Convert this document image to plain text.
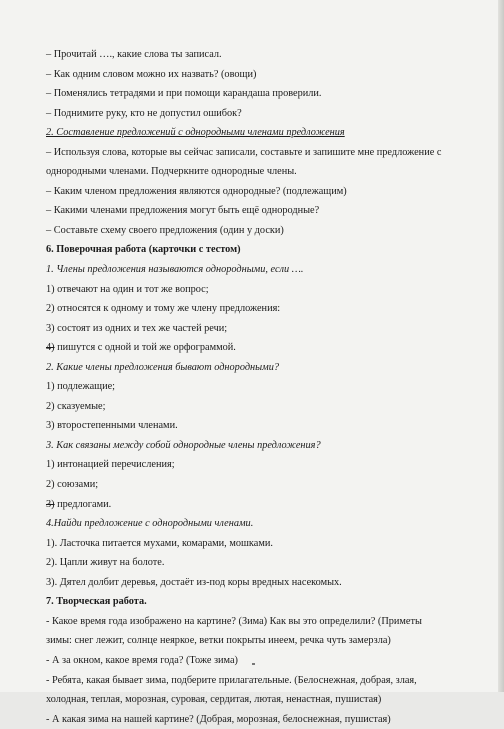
– Прочитай …., какие слова ты записал.
– Как одним словом можно их назвать? (овощи)
– Поменялись тетрадями и при помощи карандаша проверили.
– Поднимите руку, кто не допустил ошибок?
2. Составление предложений с однородными членами предложения
– Используя слова, которые вы сейчас записали, составьте и запишите мне предложение с
однородными членами. Подчеркните однородные члены.
– Каким членом предложения являются однородные? (подлежащим)
– Какими членами предложения могут быть ещё однородные?
– Составьте схему своего предложения (один у доски)
6. Поверочная работа (карточки с тестом)
1. Члены предложения называются однородными, если ….
1) отвечают на один и тот же вопрос;
2) относятся к одному и тому же члену предложения:
3) состоят из одних и тех же частей речи;
4) пишутся с одной и той же орфограммой.
2. Какие члены предложения бывают однородными?
1) подлежащие;
2) сказуемые;
3) второстепенными членами.
3. Как связаны между собой однородные члены предложения?
1) интонацией перечисления;
2) союзами;
3) предлогами.
4.Найди предложение с однородными членами.
1). Ласточка питается мухами, комарами, мошками.
2). Цапли живут на болоте.
3). Дятел долбит деревья, достаёт из-под коры вредных насекомых.
7. Творческая работа.
- Какое время года изображено на картине? (Зима) Как вы это определили? (Приметы
зимы: снег лежит, солнце неяркое, ветки покрыты инеем, речка чуть замерзла)
- А за окном, какое время года? (Тоже зима)
- Ребята, какая бывает зима, подберите прилагательные. (Белоснежная, добрая, злая,
холодная, теплая, морозная, суровая, сердитая, лютая, ненастная, пушистая)
- А какая зима на нашей картине? (Добрая, морозная, белоснежная, пушистая)
